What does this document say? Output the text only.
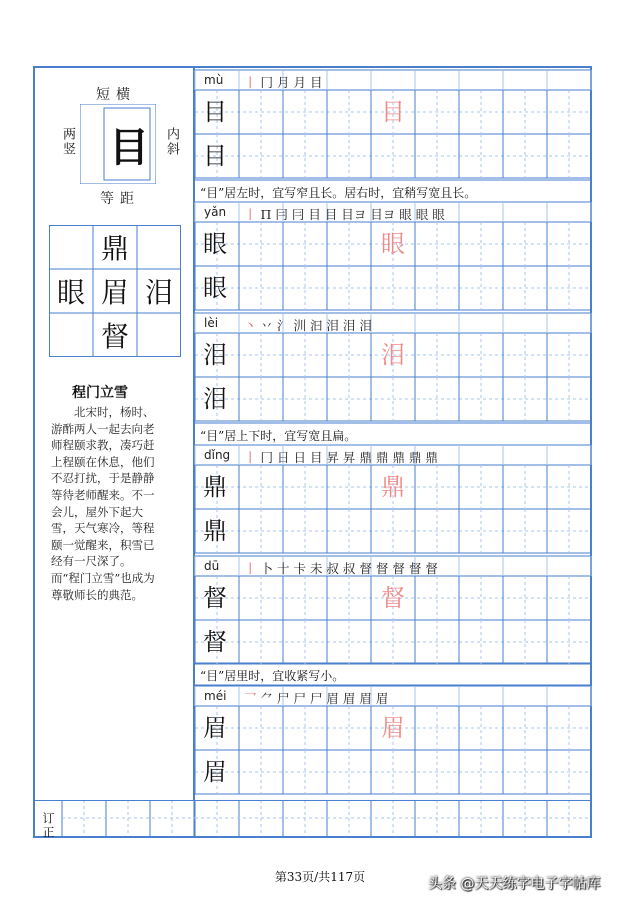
短横
两竖	内斜
等距
目
鼎
眼 眉 泪
督
程门立雪
北宋时，杨时、游酢两人一起去向老师程颐求教，凑巧赶上程颐在休息，他们不忍打扰，于是静静等待老师醒来。不一会儿，屋外下起大雪，天气寒冷，等程颐一觉醒来，积雪已经有一尺深了。而“程门立雪”也成为尊敬师长的典范。
mù 丨 冂 月 月 目
目
目
目
yǎn 丨 П 冃 冃 目 目 目ヨ 目ヨ 眼 眼 眼
眼
眼
眼
lèi 丶 丷 氵 汌 汩 泪 泪 泪
泪
泪
泪
dǐng 丨 冂 日 日 目 昇 昇 鼎 鼎 鼎 鼎 鼎
鼎
鼎
鼎
dū 丨 卜 十 卡 未 叔 叔 督 督 督 督 督
督
督
督
méi 乛 ⺈ 尸 尸 尸 眉 眉 眉 眉
眉
眉
眉
“目”居左时，宜写窄且长。居右时，宜稍写宽且长。
“目”居上下时，宜写宽且扁。
“目”居里时，宜收紧写小。
订正
第33页/共117页	头条 @天天练字电子字帖库
